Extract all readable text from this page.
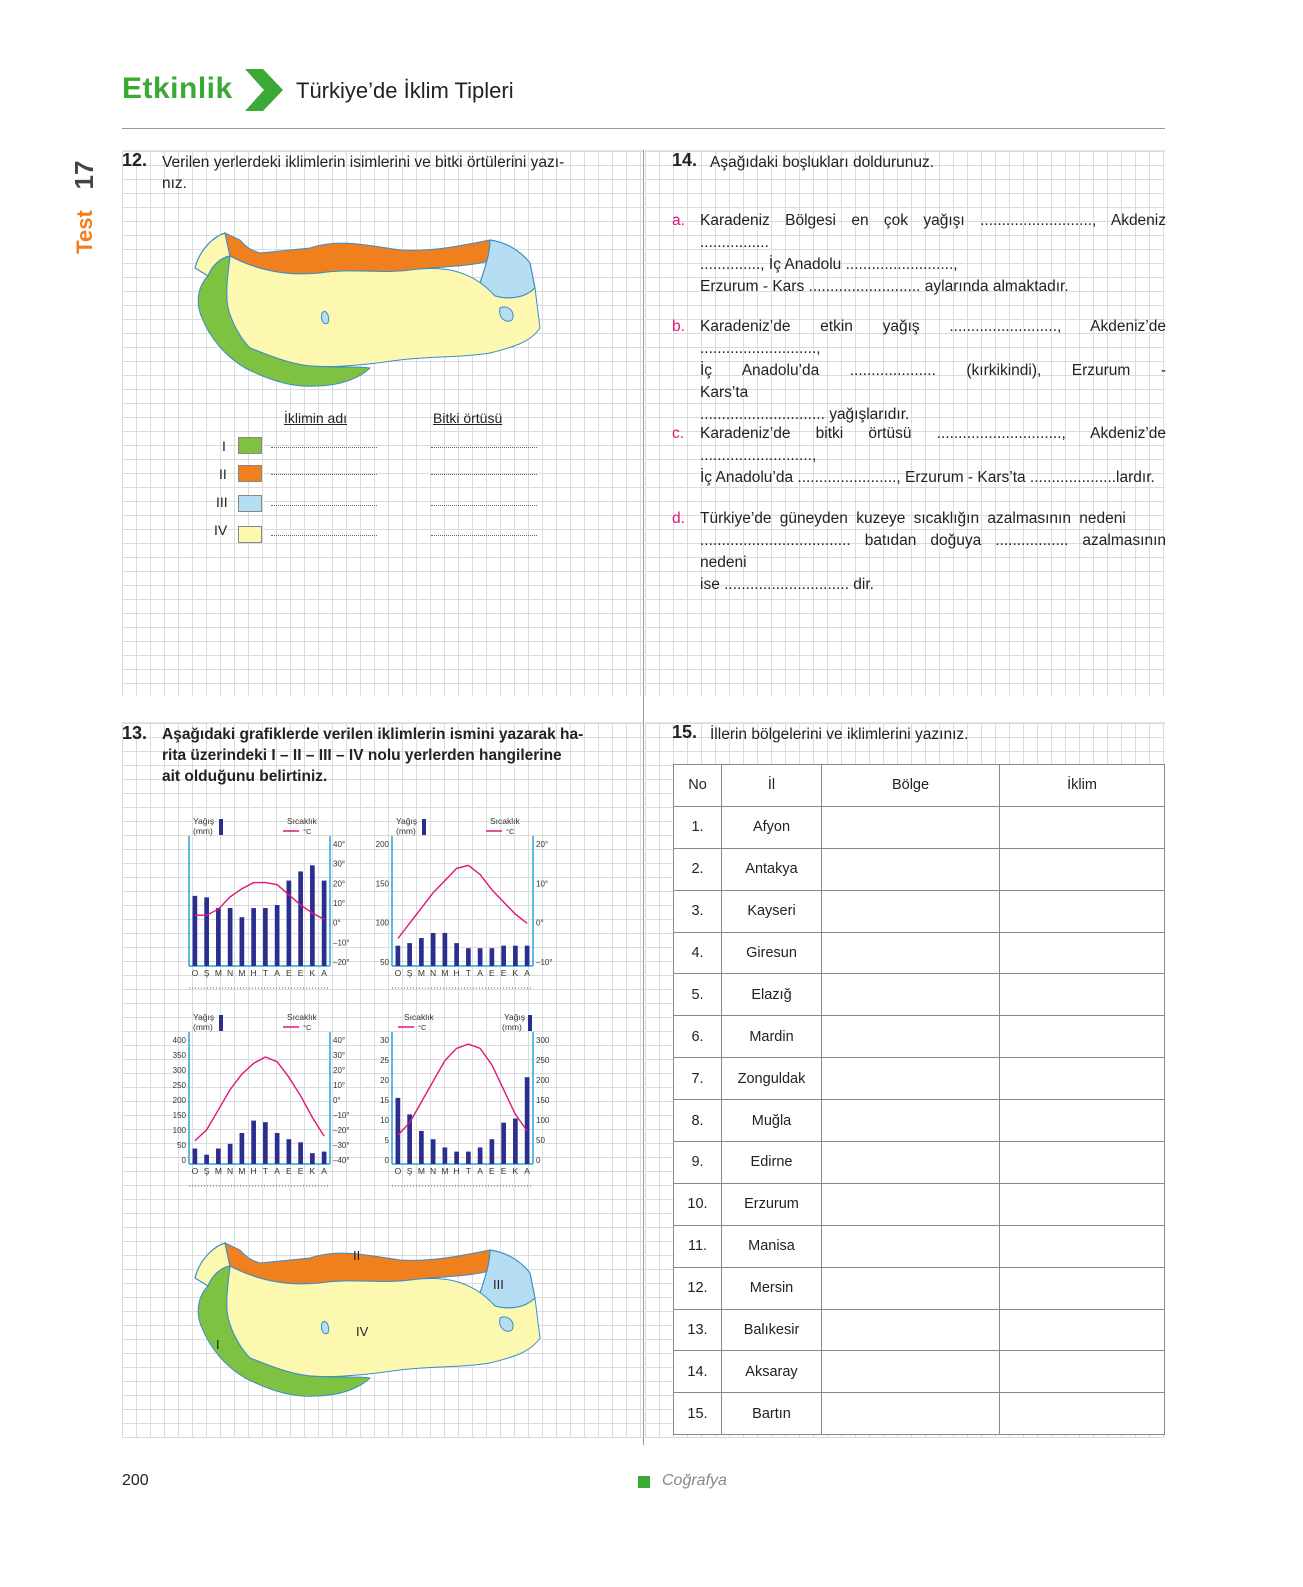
Etkinlik	Türkiye’de İklim Tipleri
17
Test
12. Verilen yerlerdeki iklimlerin isimlerini ve bitki örtülerini yazı-
nız.
İklimin adı	Bitki örtüsü
I
II
III
IV
14. Aşağıdaki boşlukları doldurunuz.
a. Karadeniz Bölgesi en çok yağışı .........................., Akdeniz ................
.............., İç Anadolu .........................,
Erzurum - Kars .......................... aylarında almaktadır.
b. Karadeniz’de etkin yağış ........................., Akdeniz’de ...........................,
İç Anadolu’da .................... (kırkikindi), Erzurum - Kars’ta
............................. yağışlarıdır.
c. Karadeniz’de bitki örtüsü ............................., Akdeniz’de ..........................,
İç Anadolu’da ......................., Erzurum - Kars’ta ....................lardır.
d. Türkiye’de güneyden kuzeye sıcaklığın azalmasının nedeni
................................... batıdan doğuya ................. azalmasının nedeni
ise ............................. dir.
13. Aşağıdaki grafiklerde verilen iklimlerin ismini yazarak ha-
rita üzerindeki I – II – III – IV nolu yerlerden hangilerine
ait olduğunu belirtiniz.
Yağış
(mm)
Sıcaklık
°C
40°
30°
20°
10°
0°
–10°
–20°
O Ş M N M H T A E E K A
Yağış
(mm)
Sıcaklık
°C
200
150
100
50
20°
10°
0°
–10°
O Ş M N M H T A E E K A
Yağış
(mm)
Sıcaklık
°C
400
350
300
250
200
150
100
50
0
40°
30°
20°
10°
0°
–10°
–20°
–30°
–40°
O Ş M N M H T A E E K A
Yağış
(mm)
Sıcaklık
°C
30
25
20
15
10
5
0
300
250
200
150
100
50
0
O Ş M N M H T A E E K A
II
III
IV
I
15. İllerin bölgelerini ve iklimlerini yazınız.
No	İl	Bölge	İklim
1.	Afyon		
2.	Antakya		
3.	Kayseri		
4.	Giresun		
5.	Elazığ		
6.	Mardin		
7.	Zonguldak		
8.	Muğla		
9.	Edirne		
10.	Erzurum		
11.	Manisa		
12.	Mersin		
13.	Balıkesir		
14.	Aksaray		
15.	Bartın		
200	Coğrafya
